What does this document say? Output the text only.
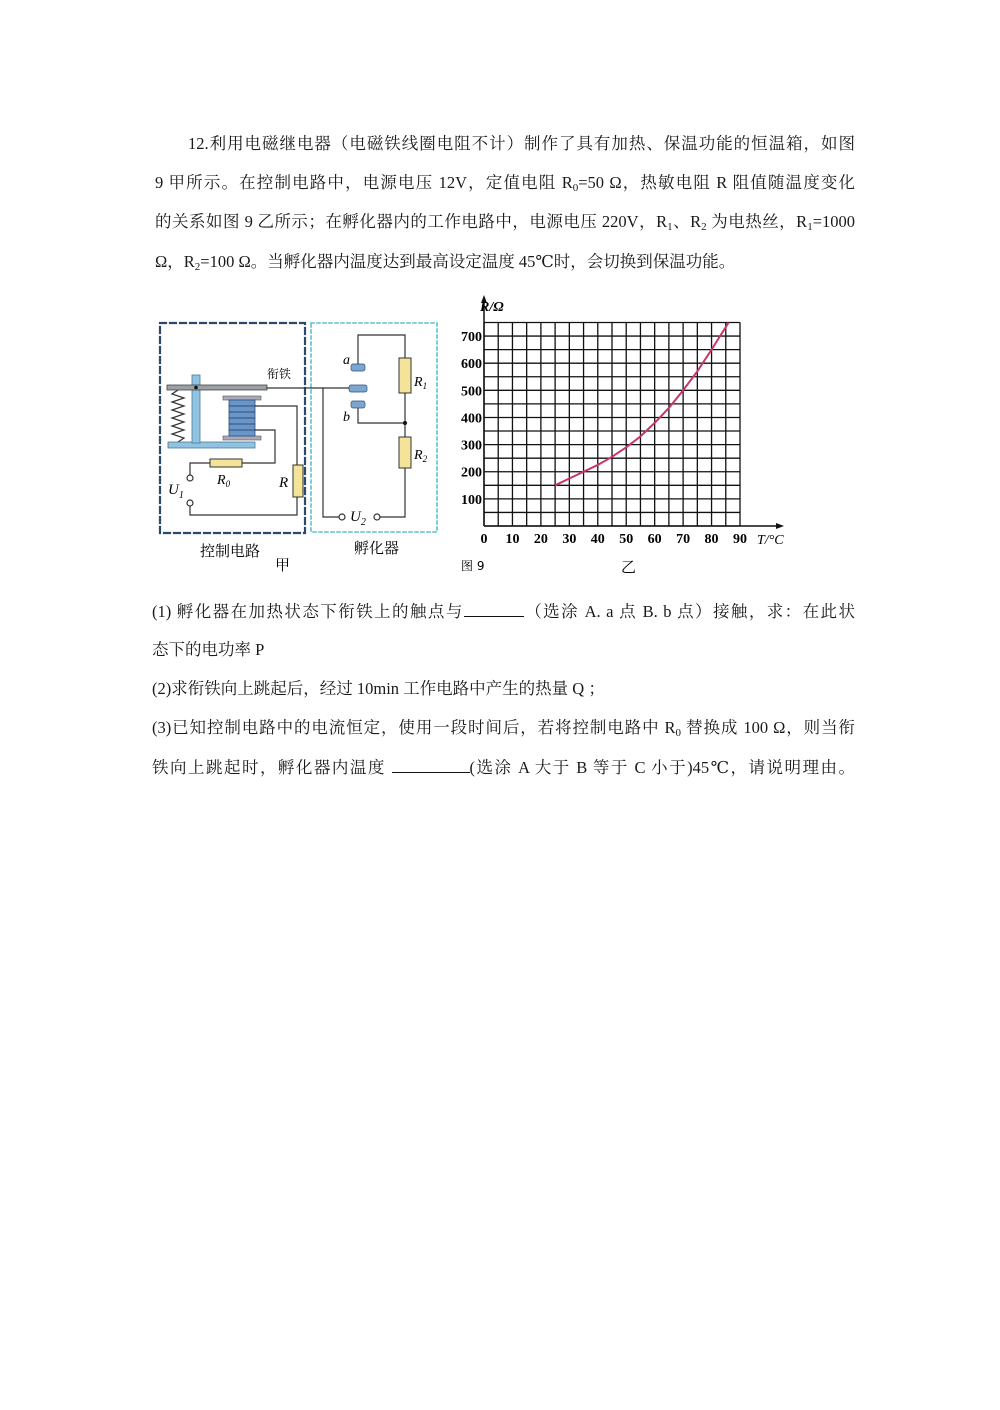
12.利用电磁继电器（电磁铁线圈电阻不计）制作了具有加热、保温功能的恒温箱，如图
9 甲所示。在控制电路中，电源电压 12V，定值电阻 $R_0=50$ Ω，热敏电阻 R 阻值随温度变化
的关系如图 9 乙所示；在孵化器内的工作电路中，电源电压 220V，$R_1$、$R_2$ 为电热丝，$R_1=1000$
Ω，$R_2=100$ Ω。当孵化器内温度达到最高设定温度 45℃时，会切换到保温功能。
$U_1$
$R_0$	R
衔铁
$U_2$
a
b
$R_1$
$R_2$
控制电路	孵化器
甲
100
200
300
400
500
600
700
0 10 20 30 40 50 60 70 80 90
R/Ω
T/°C
图 9	乙
(1) 孵化器在加热状态下衔铁上的触点与	（选涂 A. a 点 B. b 点）接触，求：在此状
态下的电功率 P
(2)求衔铁向上跳起后，经过 10min 工作电路中产生的热量 Q ；
(3)已知控制电路中的电流恒定，使用一段时间后，若将控制电路中 $R_0$ 替换成 100 Ω，则当衔
铁向上跳起时，孵化器内温度	(选涂 A 大于 B 等于 C 小于)45℃，请说明理由。
